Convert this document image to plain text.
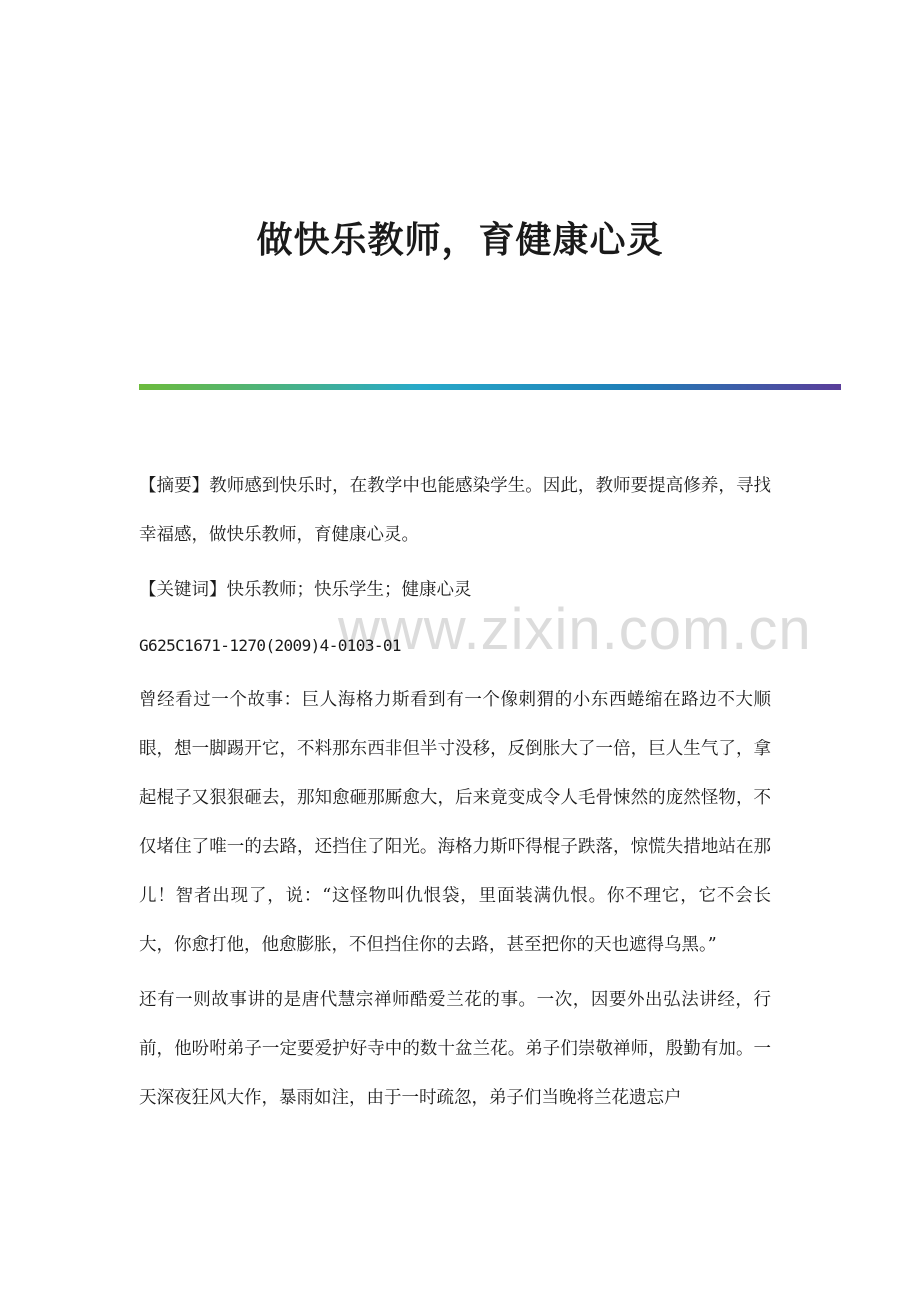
做快乐教师，育健康心灵
www.zixin.com.cn

【摘要】教师感到快乐时，在教学中也能感染学生。因此，教师要提高修养，寻找幸福感，做快乐教师，育健康心灵。

【关键词】快乐教师；快乐学生；健康心灵

G625C1671-1270(2009)4-0103-01

曾经看过一个故事：巨人海格力斯看到有一个像刺猬的小东西蜷缩在路边不大顺眼，想一脚踢开它，不料那东西非但半寸没移，反倒胀大了一倍，巨人生气了，拿起棍子又狠狠砸去，那知愈砸那厮愈大，后来竟变成令人毛骨悚然的庞然怪物，不仅堵住了唯一的去路，还挡住了阳光。海格力斯吓得棍子跌落，惊慌失措地站在那儿！智者出现了，说：“这怪物叫仇恨袋，里面装满仇恨。你不理它，它不会长大，你愈打他，他愈膨胀，不但挡住你的去路，甚至把你的天也遮得乌黑。”

还有一则故事讲的是唐代慧宗禅师酷爱兰花的事。一次，因要外出弘法讲经，行前，他吩咐弟子一定要爱护好寺中的数十盆兰花。弟子们崇敬禅师，殷勤有加。一天深夜狂风大作，暴雨如注，由于一时疏忽，弟子们当晚将兰花遗忘户
